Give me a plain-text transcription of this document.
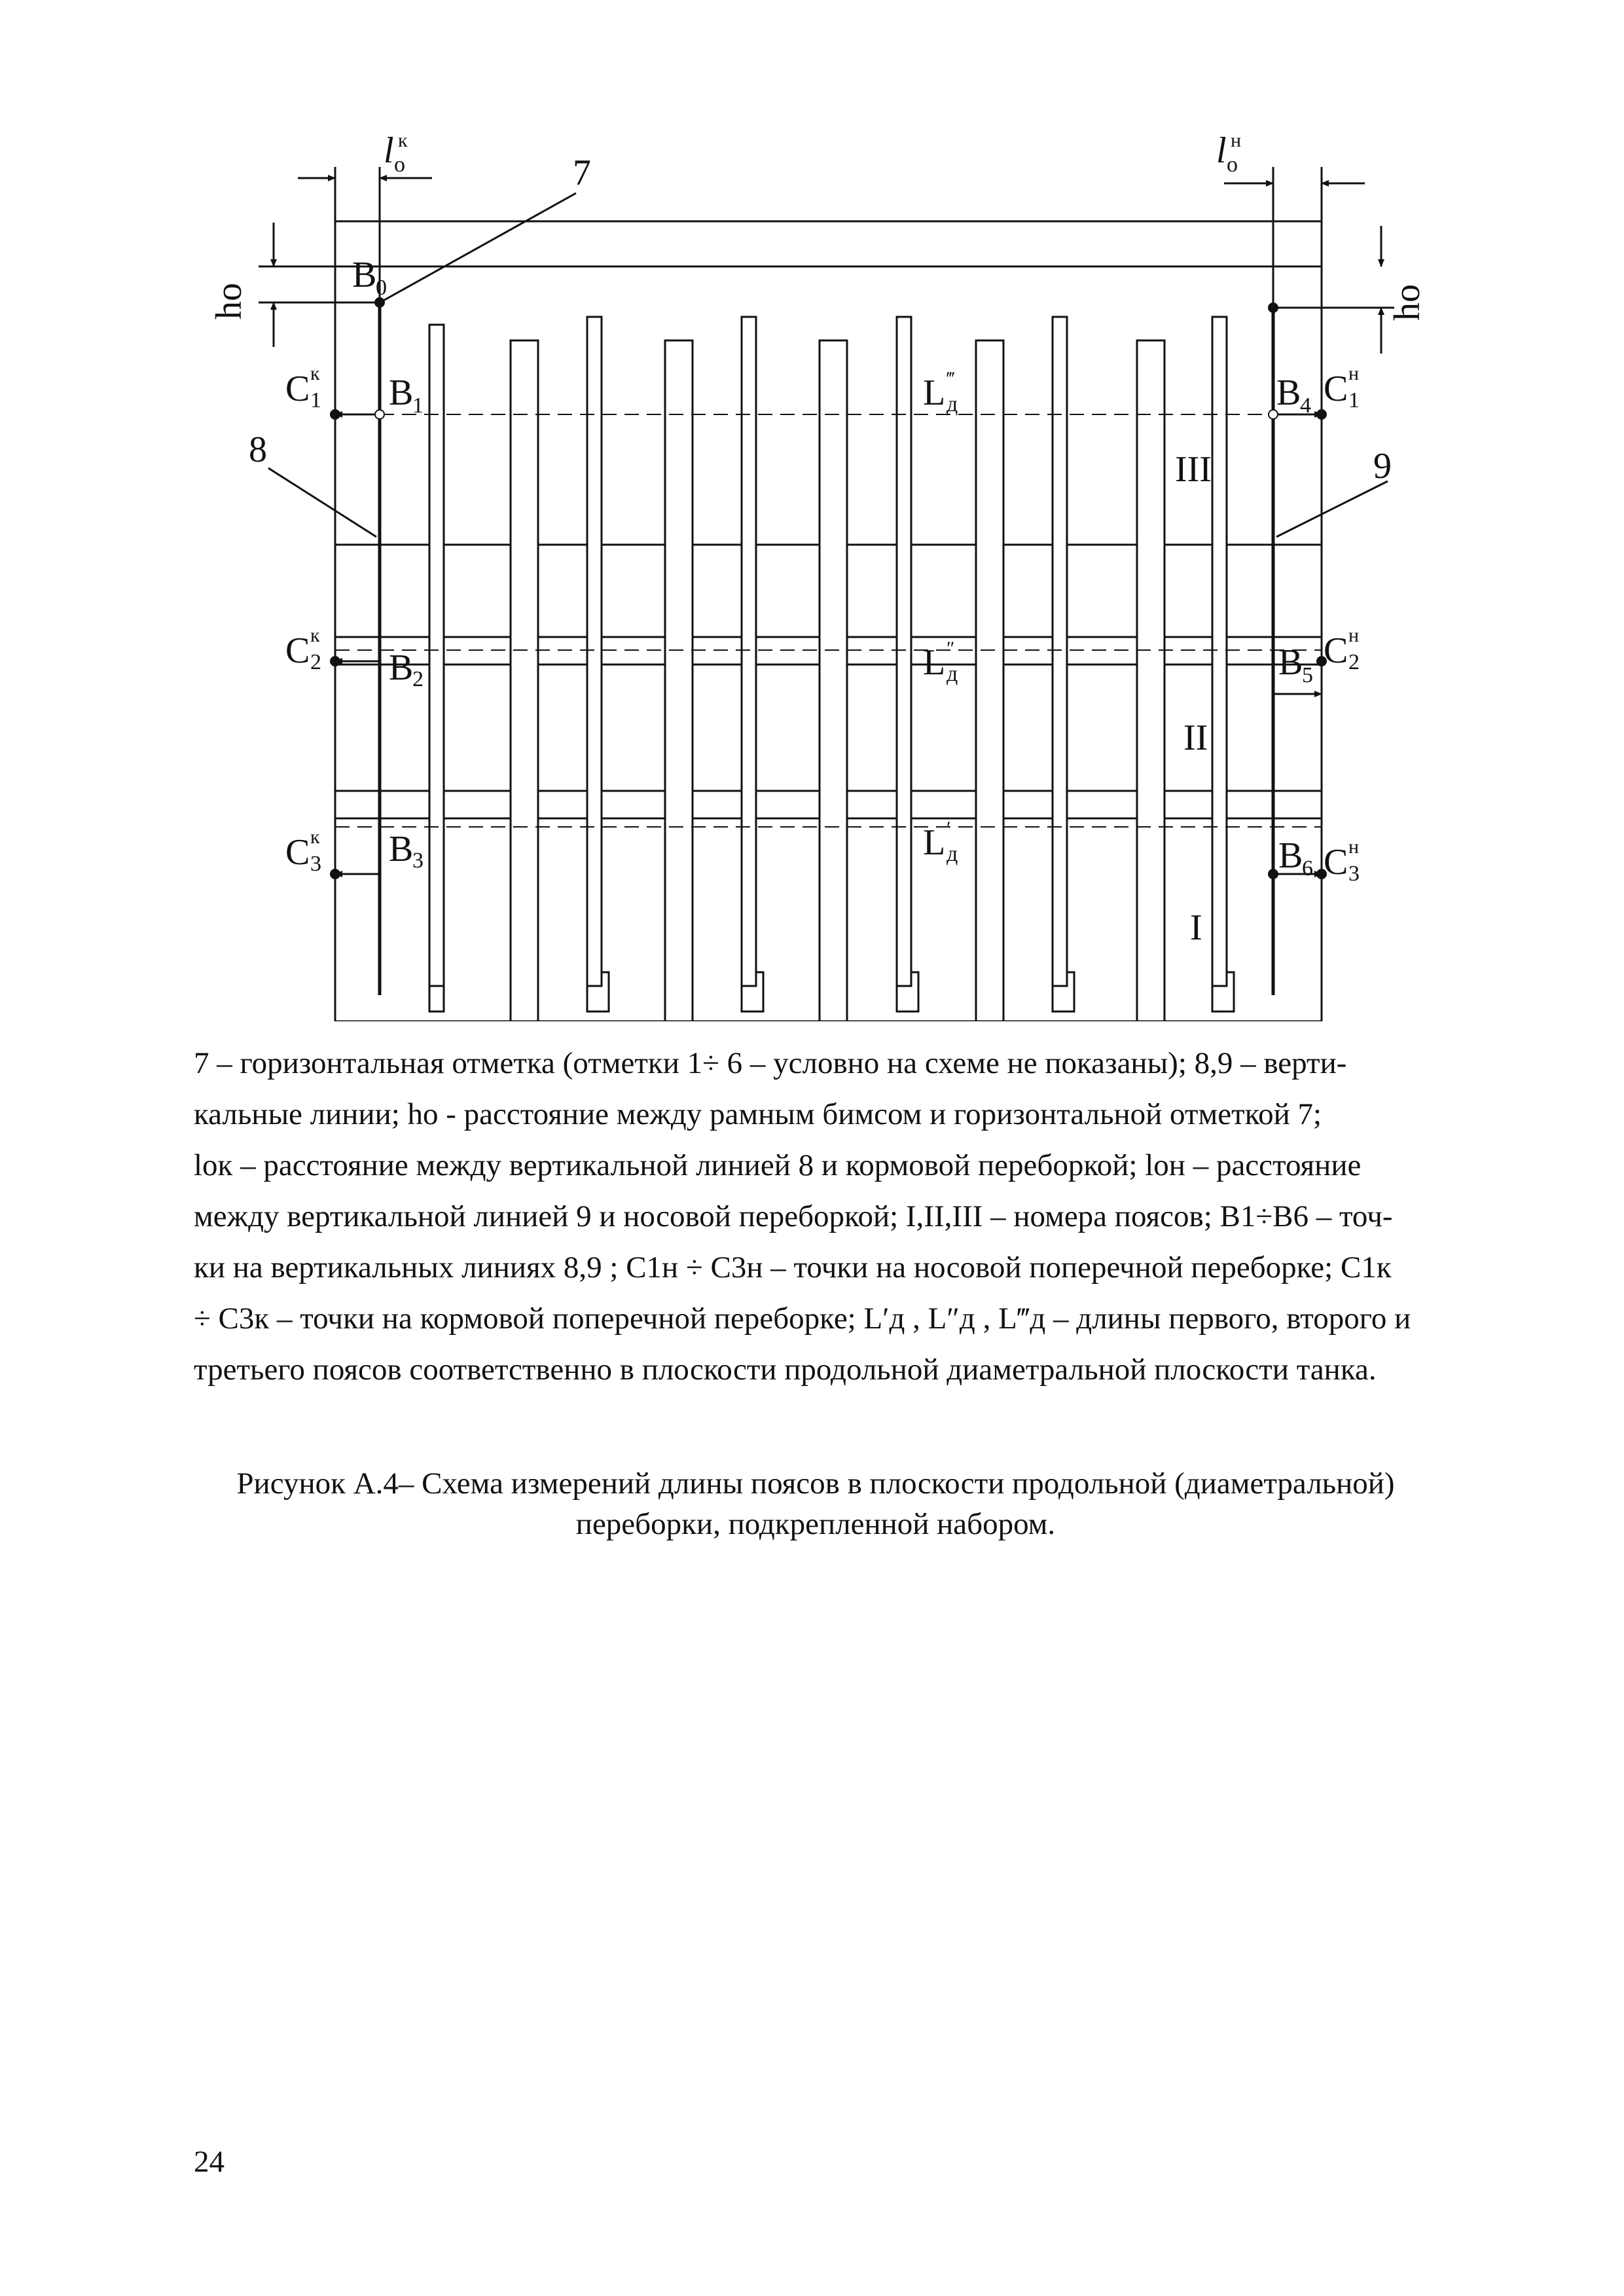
l к
о	l н
о
hо	hо
7
8	9
B
0
B
1
B
2
B
3
B
4
B
5
B
6
C к
1
C к
2
C к
3
C н
1
C н
2
C н
3
L ‴
д
L ″
д
L ′
д
III
II
I

7 – горизонтальная отметка (отметки 1÷ 6 – условно на схеме не показаны); 8,9 – верти-

кальные линии; hо - расстояние между рамным бимсом и горизонтальной отметкой 7;

lок – расстояние между вертикальной линией 8 и кормовой переборкой; lон – расстояние

между вертикальной линией 9 и носовой переборкой; I,II,III – номера поясов; B1÷B6 – точ-

ки на вертикальных линиях 8,9 ; C1н ÷ C3н – точки на носовой поперечной переборке; C1к

÷ C3к – точки на кормовой поперечной переборке; L′д , L″д , L‴д – длины первого, второго и

третьего поясов соответственно в плоскости продольной диаметральной плоскости танка.

Рисунок А.4– Схема измерений длины поясов в плоскости продольной (диаметральной)

переборки, подкрепленной набором.

24
